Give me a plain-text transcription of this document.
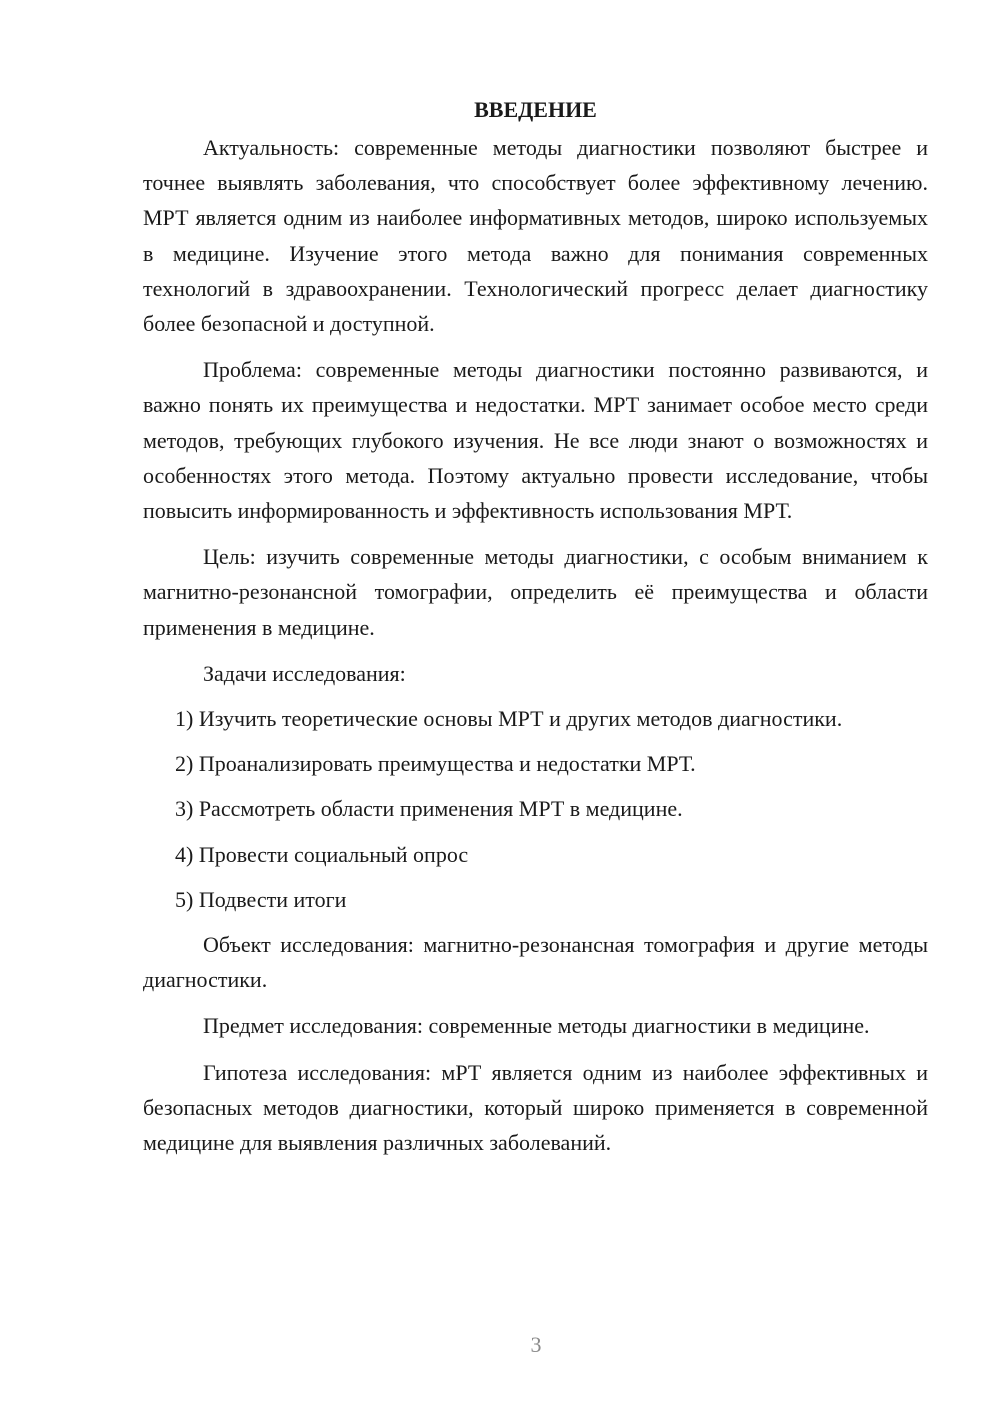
ВВЕДЕНИЕ

Актуальность: современные методы диагностики позволяют быстрее и точнее выявлять заболевания, что способствует более эффективному лечению. МРТ является одним из наиболее информативных методов, широко используемых в медицине. Изучение этого метода важно для понимания современных технологий в здравоохранении. Технологический прогресс делает диагностику более безопасной и доступной.

Проблема: современные методы диагностики постоянно развиваются, и важно понять их преимущества и недостатки. МРТ занимает особое место среди методов, требующих глубокого изучения. Не все люди знают о возможностях и особенностях этого метода. Поэтому актуально провести исследование, чтобы повысить информированность и эффективность использования МРТ.

Цель: изучить современные методы диагностики, с особым вниманием к магнитно-резонансной томографии, определить её преимущества и области применения в медицине.

Задачи исследования:

1) Изучить теоретические основы МРТ и других методов диагностики.

2) Проанализировать преимущества и недостатки МРТ.

3) Рассмотреть области применения МРТ в медицине.

4) Провести социальный опрос

5) Подвести итоги

Объект исследования: магнитно-резонансная томография и другие методы диагностики.

Предмет исследования: современные методы диагностики в медицине.

Гипотеза исследования: мРТ является одним из наиболее эффективных и безопасных методов диагностики, который широко применяется в современной медицине для выявления различных заболеваний.

3
